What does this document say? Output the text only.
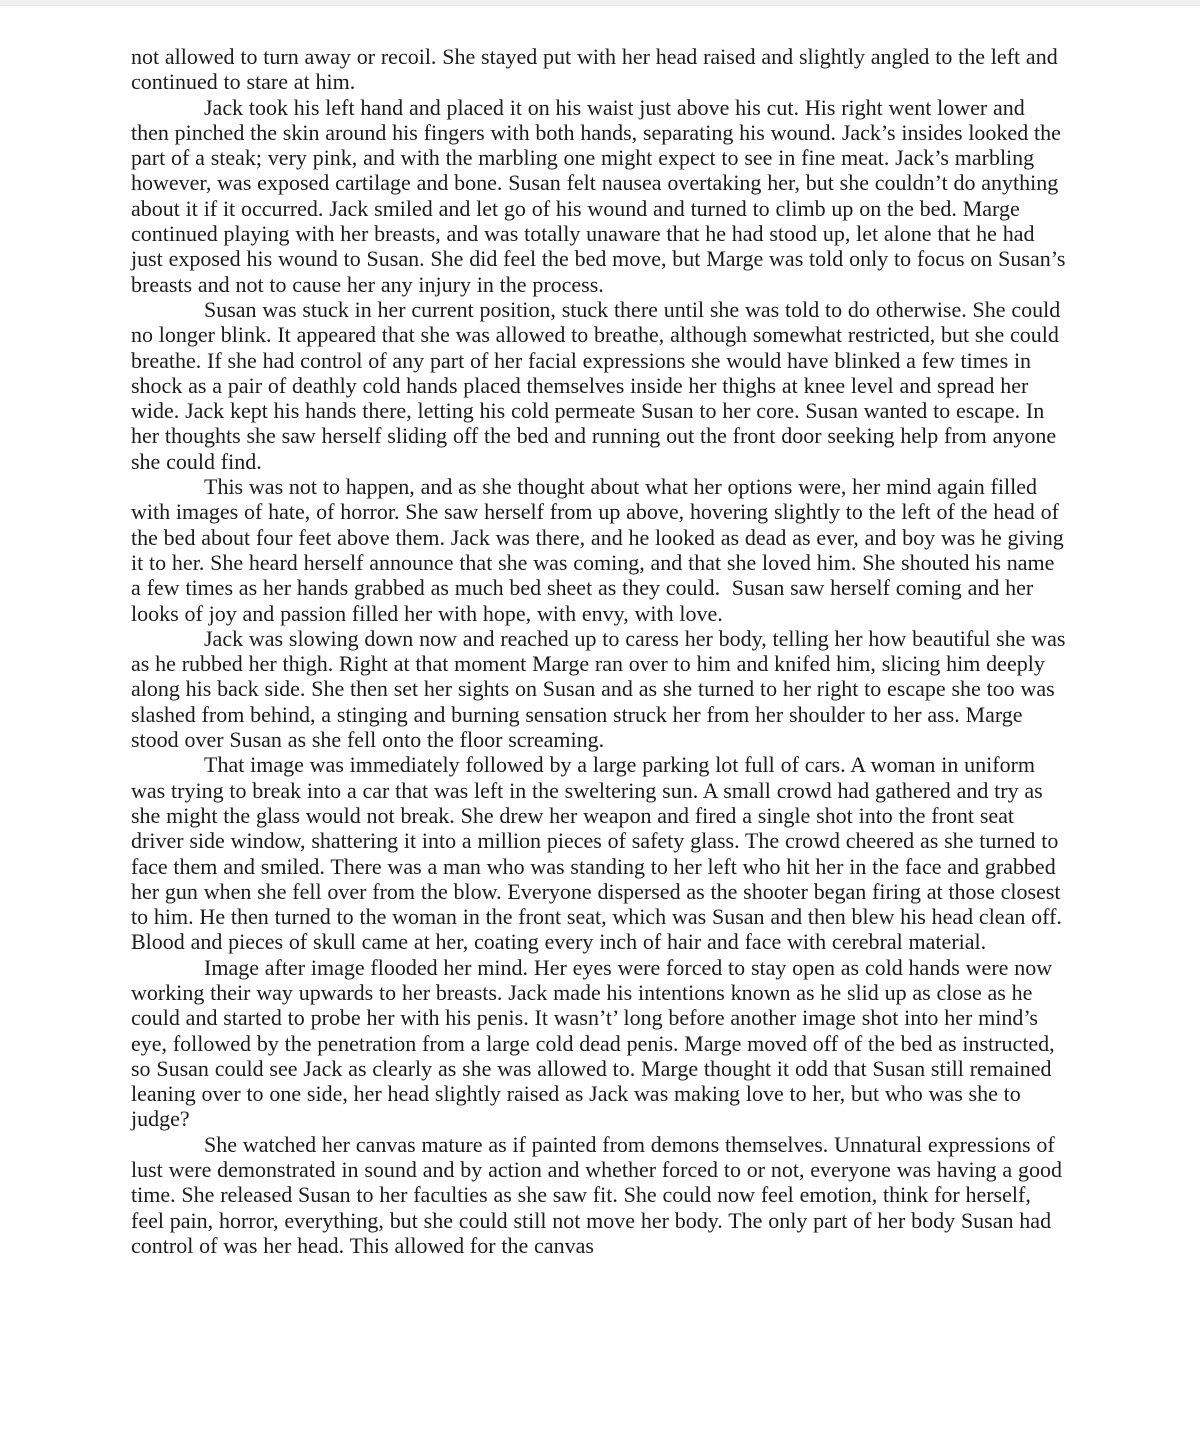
not allowed to turn away or recoil. She stayed put with her head raised and slightly angled to the left and continued to stare at him.

Jack took his left hand and placed it on his waist just above his cut. His right went lower and then pinched the skin around his fingers with both hands, separating his wound. Jack’s insides looked the part of a steak; very pink, and with the marbling one might expect to see in fine meat. Jack’s marbling however, was exposed cartilage and bone. Susan felt nausea overtaking her, but she couldn’t do anything about it if it occurred. Jack smiled and let go of his wound and turned to climb up on the bed. Marge continued playing with her breasts, and was totally unaware that he had stood up, let alone that he had just exposed his wound to Susan. She did feel the bed move, but Marge was told only to focus on Susan’s breasts and not to cause her any injury in the process.

Susan was stuck in her current position, stuck there until she was told to do otherwise. She could no longer blink. It appeared that she was allowed to breathe, although somewhat restricted, but she could breathe. If she had control of any part of her facial expressions she would have blinked a few times in shock as a pair of deathly cold hands placed themselves inside her thighs at knee level and spread her wide. Jack kept his hands there, letting his cold permeate Susan to her core. Susan wanted to escape. In her thoughts she saw herself sliding off the bed and running out the front door seeking help from anyone she could find.

This was not to happen, and as she thought about what her options were, her mind again filled with images of hate, of horror. She saw herself from up above, hovering slightly to the left of the head of the bed about four feet above them. Jack was there, and he looked as dead as ever, and boy was he giving it to her. She heard herself announce that she was coming, and that she loved him. She shouted his name a few times as her hands grabbed as much bed sheet as they could.  Susan saw herself coming and her looks of joy and passion filled her with hope, with envy, with love.

Jack was slowing down now and reached up to caress her body, telling her how beautiful she was as he rubbed her thigh. Right at that moment Marge ran over to him and knifed him, slicing him deeply along his back side. She then set her sights on Susan and as she turned to her right to escape she too was slashed from behind, a stinging and burning sensation struck her from her shoulder to her ass. Marge stood over Susan as she fell onto the floor screaming.

That image was immediately followed by a large parking lot full of cars. A woman in uniform was trying to break into a car that was left in the sweltering sun. A small crowd had gathered and try as she might the glass would not break. She drew her weapon and fired a single shot into the front seat driver side window, shattering it into a million pieces of safety glass. The crowd cheered as she turned to face them and smiled. There was a man who was standing to her left who hit her in the face and grabbed her gun when she fell over from the blow. Everyone dispersed as the shooter began firing at those closest to him. He then turned to the woman in the front seat, which was Susan and then blew his head clean off. Blood and pieces of skull came at her, coating every inch of hair and face with cerebral material.

Image after image flooded her mind. Her eyes were forced to stay open as cold hands were now working their way upwards to her breasts. Jack made his intentions known as he slid up as close as he could and started to probe her with his penis. It wasn’t’ long before another image shot into her mind’s eye, followed by the penetration from a large cold dead penis. Marge moved off of the bed as instructed, so Susan could see Jack as clearly as she was allowed to. Marge thought it odd that Susan still remained leaning over to one side, her head slightly raised as Jack was making love to her, but who was she to judge?

She watched her canvas mature as if painted from demons themselves. Unnatural expressions of lust were demonstrated in sound and by action and whether forced to or not, everyone was having a good time. She released Susan to her faculties as she saw fit. She could now feel emotion, think for herself, feel pain, horror, everything, but she could still not move her body. The only part of her body Susan had control of was her head. This allowed for the canvas
